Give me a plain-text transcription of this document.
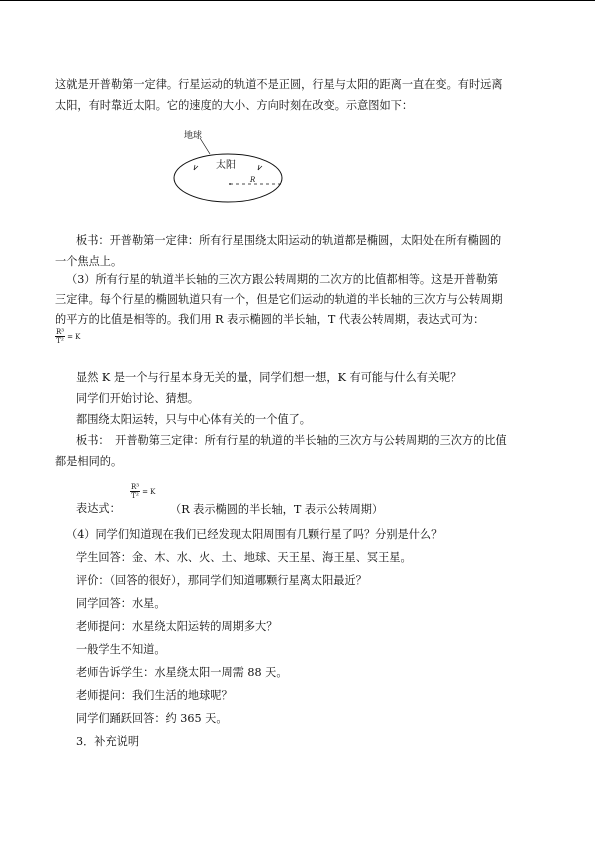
这就是开普勒第一定律。行星运动的轨道不是正圆，行星与太阳的距离一直在变。有时远离
太阳，有时靠近太阳。它的速度的大小、方向时刻在改变。示意图如下：
地球
太阳
R
板书：开普勒第一定律：所有行星围绕太阳运动的轨道都是椭圆，太阳处在所有椭圆的
一个焦点上。
（3）所有行星的轨道半长轴的三次方跟公转周期的二次方的比值都相等。这是开普勒第
三定律。每个行星的椭圆轨道只有一个，但是它们运动的轨道的半长轴的三次方与公转周期
的平方的比值是相等的。我们用 R 表示椭圆的半长轴，T 代表公转周期，表达式可为：
$\frac{\text{R³}}{\text{T²}} = K$
显然 K 是一个与行星本身无关的量，同学们想一想，K 有可能与什么有关呢？
同学们开始讨论、猜想。
都围绕太阳运转，只与中心体有关的一个值了。
板书：　开普勒第三定律：所有行星的轨道的半长轴的三次方与公转周期的三次方的比值
都是相同的。
表达式：
$\frac{\text{R³}}{\text{T²}} = K$
（R 表示椭圆的半长轴，T 表示公转周期）
（4）同学们知道现在我们已经发现太阳周围有几颗行星了吗？分别是什么？
学生回答：金、木、水、火、土、地球、天王星、海王星、冥王星。
评价：（回答的很好），那同学们知道哪颗行星离太阳最近？
同学回答：水星。
老师提问：水星绕太阳运转的周期多大？
一般学生不知道。
老师告诉学生：水星绕太阳一周需 88 天。
老师提问：我们生活的地球呢？
同学们踊跃回答：约 365 天。
3．补充说明
